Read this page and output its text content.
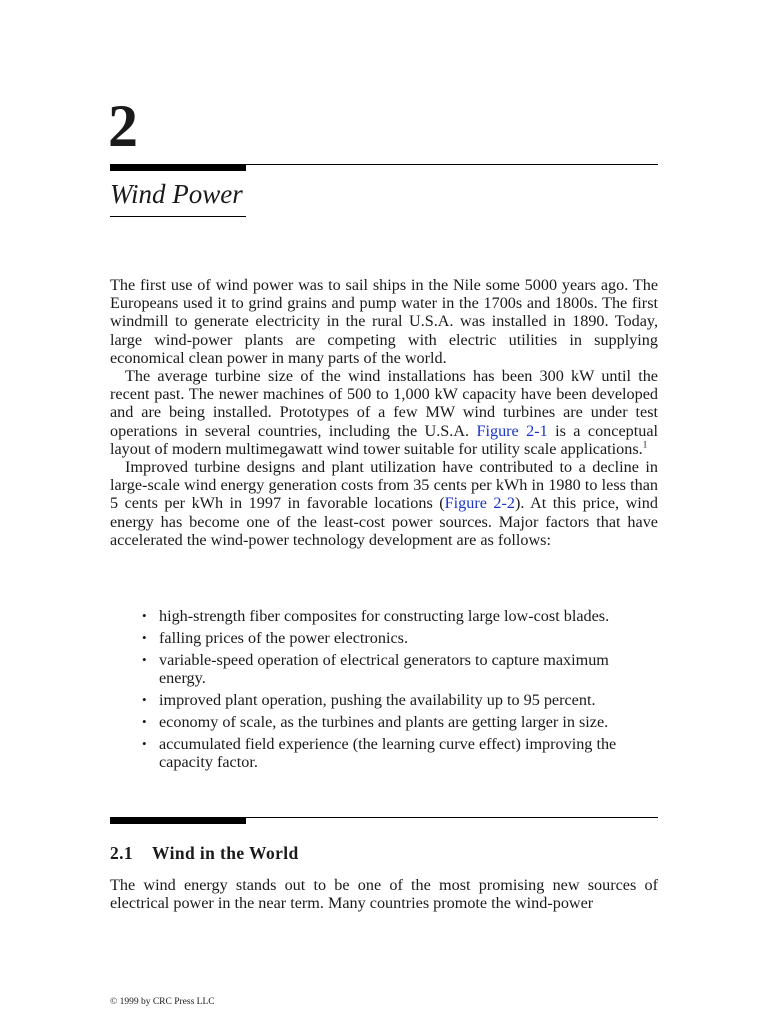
2
Wind Power

The first use of wind power was to sail ships in the Nile some 5000 years ago. The Europeans used it to grind grains and pump water in the 1700s and 1800s. The first windmill to generate electricity in the rural U.S.A. was installed in 1890. Today, large wind-power plants are competing with electric utilities in supplying economical clean power in many parts of the world.

The average turbine size of the wind installations has been 300 kW until the recent past. The newer machines of 500 to 1,000 kW capacity have been developed and are being installed. Prototypes of a few MW wind turbines are under test operations in several countries, including the U.S.A. Figure 2-1 is a conceptual layout of modern multimegawatt wind tower suitable for utility scale applications.$^1$

Improved turbine designs and plant utilization have contributed to a decline in large-scale wind energy generation costs from 35 cents per kWh in 1980 to less than 5 cents per kWh in 1997 in favorable locations (Figure 2-2). At this price, wind energy has become one of the least-cost power sources. Major factors that have accelerated the wind-power technology development are as follows:

• high-strength fiber composites for constructing large low-cost blades.
• falling prices of the power electronics.
• variable-speed operation of electrical generators to capture maximum energy.
• improved plant operation, pushing the availability up to 95 percent.
• economy of scale, as the turbines and plants are getting larger in size.
• accumulated field experience (the learning curve effect) improving the capacity factor.
2.1 Wind in the World

The wind energy stands out to be one of the most promising new sources of electrical power in the near term. Many countries promote the wind-power

© 1999 by CRC Press LLC
